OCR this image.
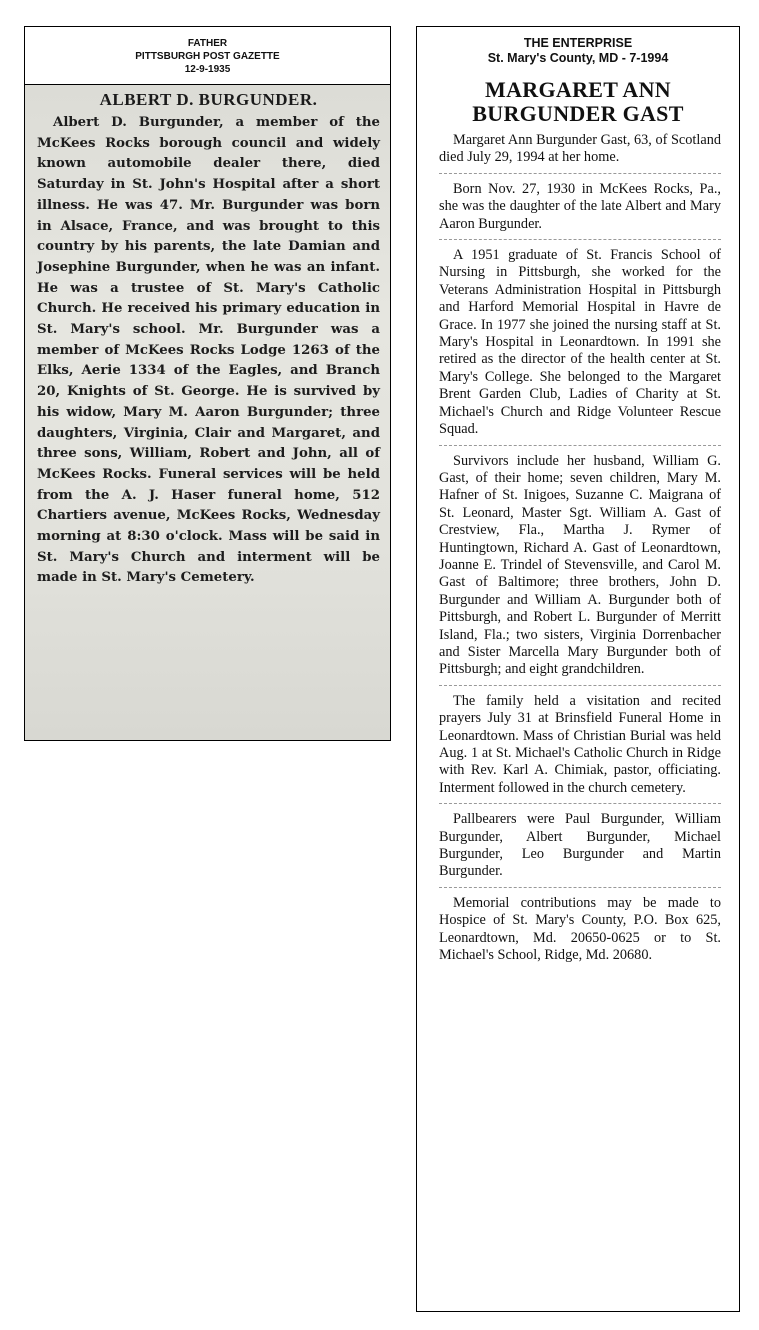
FATHER
PITTSBURGH POST GAZETTE
12-9-1935
ALBERT D. BURGUNDER.

Albert D. Burgunder, a member of the McKees Rocks borough council and widely known automobile dealer there, died Saturday in St. John's Hospital after a short illness. He was 47. Mr. Burgunder was born in Alsace, France, and was brought to this country by his parents, the late Damian and Josephine Burgunder, when he was an infant. He was a trustee of St. Mary's Catholic Church. He received his primary education in St. Mary's school. Mr. Burgunder was a member of McKees Rocks Lodge 1263 of the Elks, Aerie 1334 of the Eagles, and Branch 20, Knights of St. George. He is survived by his widow, Mary M. Aaron Burgunder; three daughters, Virginia, Clair and Margaret, and three sons, William, Robert and John, all of McKees Rocks. Funeral services will be held from the A. J. Haser funeral home, 512 Chartiers avenue, McKees Rocks, Wednesday morning at 8:30 o'clock. Mass will be said in St. Mary's Church and interment will be made in St. Mary's Cemetery.

THE ENTERPRISE
St. Mary's County, MD - 7-1994
MARGARET ANN
BURGUNDER GAST

Margaret Ann Burgunder Gast, 63, of Scotland died July 29, 1994 at her home.

Born Nov. 27, 1930 in McKees Rocks, Pa., she was the daughter of the late Albert and Mary Aaron Burgunder.

A 1951 graduate of St. Francis School of Nursing in Pittsburgh, she worked for the Veterans Administration Hospital in Pittsburgh and Harford Memorial Hospital in Havre de Grace. In 1977 she joined the nursing staff at St. Mary's Hospital in Leonardtown. In 1991 she retired as the director of the health center at St. Mary's College. She belonged to the Margaret Brent Garden Club, Ladies of Charity at St. Michael's Church and Ridge Volunteer Rescue Squad.

Survivors include her husband, William G. Gast, of their home; seven children, Mary M. Hafner of St. Inigoes, Suzanne C. Maigrana of St. Leonard, Master Sgt. William A. Gast of Crestview, Fla., Martha J. Rymer of Huntingtown, Richard A. Gast of Leonardtown, Joanne E. Trindel of Stevensville, and Carol M. Gast of Baltimore; three brothers, John D. Burgunder and William A. Burgunder both of Pittsburgh, and Robert L. Burgunder of Merritt Island, Fla.; two sisters, Virginia Dorrenbacher and Sister Marcella Mary Burgunder both of Pittsburgh; and eight grandchildren.

The family held a visitation and recited prayers July 31 at Brinsfield Funeral Home in Leonardtown. Mass of Christian Burial was held Aug. 1 at St. Michael's Catholic Church in Ridge with Rev. Karl A. Chimiak, pastor, officiating. Interment followed in the church cemetery.

Pallbearers were Paul Burgunder, William Burgunder, Albert Burgunder, Michael Burgunder, Leo Burgunder and Martin Burgunder.

Memorial contributions may be made to Hospice of St. Mary's County, P.O. Box 625, Leonardtown, Md. 20650-0625 or to St. Michael's School, Ridge, Md. 20680.
